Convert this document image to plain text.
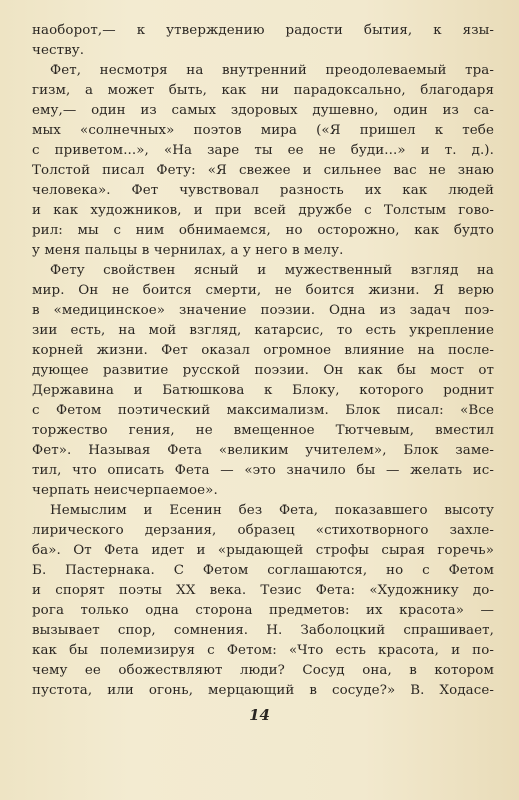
наоборот,— к утверждению радости бытия, к язы-
честву.
Фет, несмотря на внутренний преодолеваемый тра-
гизм, а может быть, как ни парадоксально, благодаря
ему,— один из самых здоровых душевно, один из са-
мых «солнечных» поэтов мира («Я пришел к тебе
с приветом...», «На заре ты ее не буди...» и т. д.).
Толстой писал Фету: «Я свежее и сильнее вас не знаю
человека». Фет чувствовал разность их как людей
и как художников, и при всей дружбе с Толстым гово-
рил: мы с ним обнимаемся, но осторожно, как будто
у меня пальцы в чернилах, а у него в мелу.
Фету свойствен ясный и мужественный взгляд на
мир. Он не боится смерти, не боится жизни. Я верю
в «медицинское» значение поэзии. Одна из задач поэ-
зии есть, на мой взгляд, катарсис, то есть укрепление
корней жизни. Фет оказал огромное влияние на после-
дующее развитие русской поэзии. Он как бы мост от
Державина и Батюшкова к Блоку, которого роднит
с Фетом поэтический максимализм. Блок писал: «Все
торжество гения, не вмещенное Тютчевым, вместил
Фет». Называя Фета «великим учителем», Блок заме-
тил, что описать Фета — «это значило бы — желать ис-
черпать неисчерпаемое».
Немыслим и Есенин без Фета, показавшего высоту
лирического дерзания, образец «стихотворного захле-
ба». От Фета идет и «рыдающей строфы сырая горечь»
Б. Пастернака. С Фетом соглашаются, но с Фетом
и спорят поэты XX века. Тезис Фета: «Художнику до-
рога только одна сторона предметов: их красота» —
вызывает спор, сомнения. Н. Заболоцкий спрашивает,
как бы полемизируя с Фетом: «Что есть красота, и по-
чему ее обожествляют люди? Сосуд она, в котором
пустота, или огонь, мерцающий в сосуде?» В. Ходасе-
14
